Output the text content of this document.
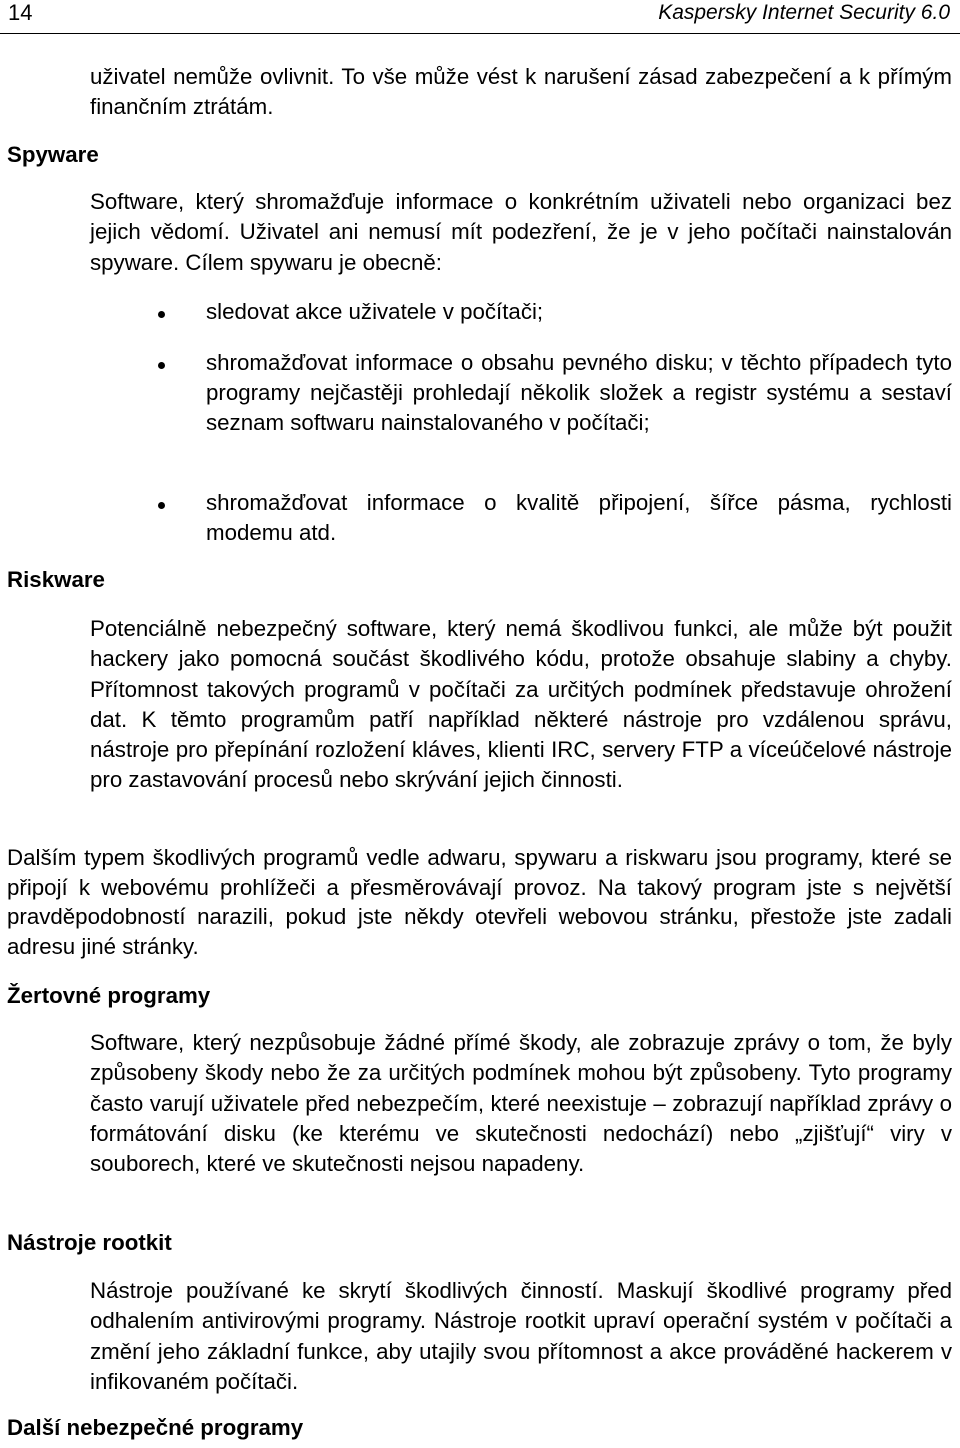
14	Kaspersky Internet Security 6.0

uživatel nemůže ovlivnit. To vše může vést k narušení zásad zabezpečení a k přímým finančním ztrátám.

Spyware

Software, který shromažďuje informace o konkrétním uživateli nebo organizaci bez jejich vědomí. Uživatel ani nemusí mít podezření, že je v jeho počítači nainstalován spyware. Cílem spywaru je obecně:

sledovat akce uživatele v počítači;
shromažďovat informace o obsahu pevného disku; v těchto případech tyto programy nejčastěji prohledají několik složek a registr systému a sestaví seznam softwaru nainstalovaného v počítači;
shromažďovat informace o kvalitě připojení, šířce pásma, rychlosti modemu atd.
Riskware

Potenciálně nebezpečný software, který nemá škodlivou funkci, ale může být použit hackery jako pomocná součást škodlivého kódu, protože obsahuje slabiny a chyby. Přítomnost takových programů v počítači za určitých podmínek představuje ohrožení dat. K těmto programům patří například některé nástroje pro vzdálenou správu, nástroje pro přepínání rozložení kláves, klienti IRC, servery FTP a víceúčelové nástroje pro zastavování procesů nebo skrývání jejich činnosti.

Dalším typem škodlivých programů vedle adwaru, spywaru a riskwaru jsou programy, které se připojí k webovému prohlížeči a přesměrovávají provoz. Na takový program jste s největší pravděpodobností narazili, pokud jste někdy otevřeli webovou stránku, přestože jste zadali adresu jiné stránky.

Žertovné programy

Software, který nezpůsobuje žádné přímé škody, ale zobrazuje zprávy o tom, že byly způsobeny škody nebo že za určitých podmínek mohou být způsobeny. Tyto programy často varují uživatele před nebezpečím, které neexistuje – zobrazují například zprávy o formátování disku (ke kterému ve skutečnosti nedochází) nebo „zjišťují“ viry v souborech, které ve skutečnosti nejsou napadeny.

Nástroje rootkit

Nástroje používané ke skrytí škodlivých činností. Maskují škodlivé programy před odhalením antivirovými programy. Nástroje rootkit upraví operační systém v počítači a změní jeho základní funkce, aby utajily svou přítomnost a akce prováděné hackerem v infikovaném počítači.

Další nebezpečné programy
